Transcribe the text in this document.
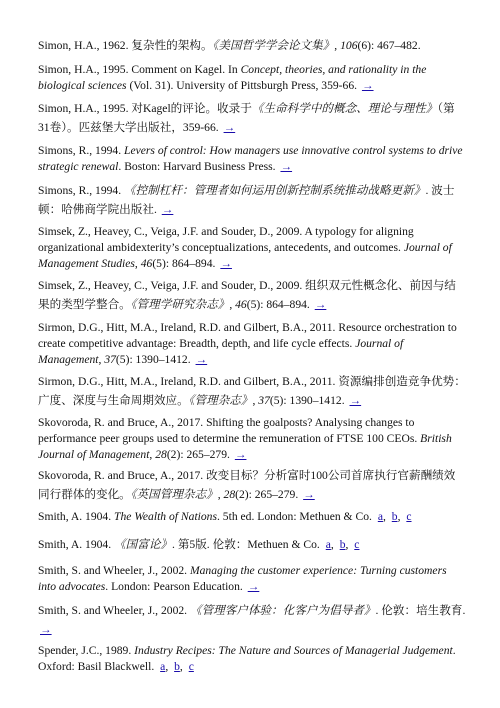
Simon, H.A., 1962. 复杂性的架构。《美国哲学学会论文集》, 106(6): 467–482.

Simon, H.A., 1995. Comment on Kagel. In Concept, theories, and rationality in the biological sciences (Vol. 31). University of Pittsburgh Press, 359-66. →

Simon, H.A., 1995. 对Kagel的评论。收录于《生命科学中的概念、理论与理性》（第31卷）。匹兹堡大学出版社，359-66. →

Simons, R., 1994. Levers of control: How managers use innovative control systems to drive strategic renewal. Boston: Harvard Business Press. →

Simons, R., 1994. 《控制杠杆：管理者如何运用创新控制系统推动战略更新》. 波士顿：哈佛商学院出版社. →

Simsek, Z., Heavey, C., Veiga, J.F. and Souder, D., 2009. A typology for aligning organizational ambidexterity’s conceptualizations, antecedents, and outcomes. Journal of Management Studies, 46(5): 864–894. →

Simsek, Z., Heavey, C., Veiga, J.F. and Souder, D., 2009. 组织双元性概念化、前因与结果的类型学整合。《管理学研究杂志》, 46(5): 864–894. →

Sirmon, D.G., Hitt, M.A., Ireland, R.D. and Gilbert, B.A., 2011. Resource orchestration to create competitive advantage: Breadth, depth, and life cycle effects. Journal of Management, 37(5): 1390–1412. →

Sirmon, D.G., Hitt, M.A., Ireland, R.D. and Gilbert, B.A., 2011. 资源编排创造竞争优势：广度、深度与生命周期效应。《管理杂志》, 37(5): 1390–1412. →

Skovoroda, R. and Bruce, A., 2017. Shifting the goalposts? Analysing changes to performance peer groups used to determine the remuneration of FTSE 100 CEOs. British Journal of Management, 28(2): 265–279. →

Skovoroda, R. and Bruce, A., 2017. 改变目标？分析富时100公司首席执行官薪酬绩效同行群体的变化。《英国管理杂志》, 28(2): 265–279. →

Smith, A. 1904. The Wealth of Nations. 5th ed. London: Methuen & Co. a, b, c

Smith, A. 1904. 《国富论》. 第5版. 伦敦：Methuen & Co. a, b, c

Smith, S. and Wheeler, J., 2002. Managing the customer experience: Turning customers into advocates. London: Pearson Education. →

Smith, S. and Wheeler, J., 2002. 《管理客户体验：化客户为倡导者》. 伦敦：培生教育. →

Spender, J.C., 1989. Industry Recipes: The Nature and Sources of Managerial Judgement. Oxford: Basil Blackwell. a, b, c
